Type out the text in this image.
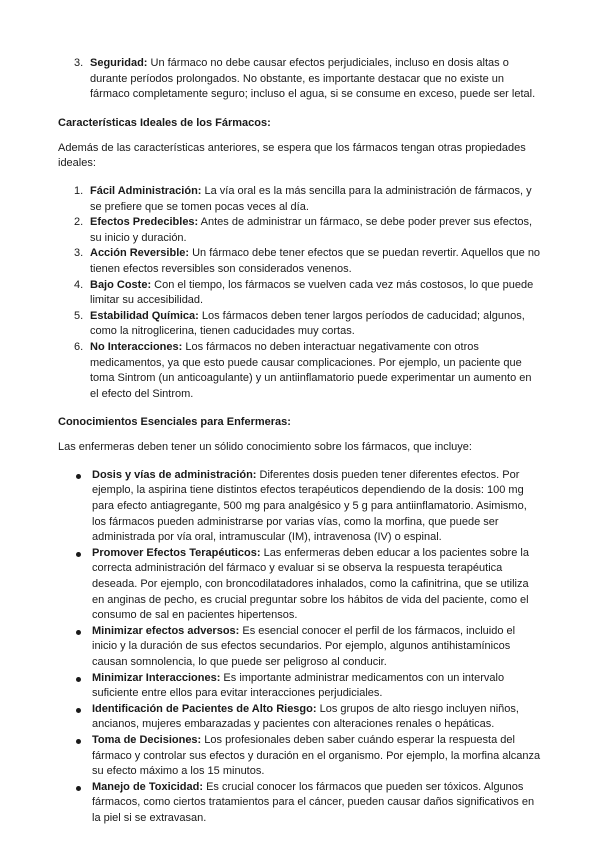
3. Seguridad: Un fármaco no debe causar efectos perjudiciales, incluso en dosis altas o durante períodos prolongados. No obstante, es importante destacar que no existe un fármaco completamente seguro; incluso el agua, si se consume en exceso, puede ser letal.

Características Ideales de los Fármacos:

Además de las características anteriores, se espera que los fármacos tengan otras propiedades ideales:

1. Fácil Administración: La vía oral es la más sencilla para la administración de fármacos, y se prefiere que se tomen pocas veces al día.
2. Efectos Predecibles: Antes de administrar un fármaco, se debe poder prever sus efectos, su inicio y duración.
3. Acción Reversible: Un fármaco debe tener efectos que se puedan revertir. Aquellos que no tienen efectos reversibles son considerados venenos.
4. Bajo Coste: Con el tiempo, los fármacos se vuelven cada vez más costosos, lo que puede limitar su accesibilidad.
5. Estabilidad Química: Los fármacos deben tener largos períodos de caducidad; algunos, como la nitroglicerina, tienen caducidades muy cortas.
6. No Interacciones: Los fármacos no deben interactuar negativamente con otros medicamentos, ya que esto puede causar complicaciones. Por ejemplo, un paciente que toma Sintrom (un anticoagulante) y un antiinflamatorio puede experimentar un aumento en el efecto del Sintrom.

Conocimientos Esenciales para Enfermeras:

Las enfermeras deben tener un sólido conocimiento sobre los fármacos, que incluye:

Dosis y vías de administración: Diferentes dosis pueden tener diferentes efectos. Por ejemplo, la aspirina tiene distintos efectos terapéuticos dependiendo de la dosis: 100 mg para efecto antiagregante, 500 mg para analgésico y 5 g para antiinflamatorio. Asimismo, los fármacos pueden administrarse por varias vías, como la morfina, que puede ser administrada por vía oral, intramuscular (IM), intravenosa (IV) o espinal.
Promover Efectos Terapéuticos: Las enfermeras deben educar a los pacientes sobre la correcta administración del fármaco y evaluar si se observa la respuesta terapéutica deseada. Por ejemplo, con broncodilatadores inhalados, como la cafinitrina, que se utiliza en anginas de pecho, es crucial preguntar sobre los hábitos de vida del paciente, como el consumo de sal en pacientes hipertensos.
Minimizar efectos adversos: Es esencial conocer el perfil de los fármacos, incluido el inicio y la duración de sus efectos secundarios. Por ejemplo, algunos antihistamínicos causan somnolencia, lo que puede ser peligroso al conducir.
Minimizar Interacciones: Es importante administrar medicamentos con un intervalo suficiente entre ellos para evitar interacciones perjudiciales.
Identificación de Pacientes de Alto Riesgo: Los grupos de alto riesgo incluyen niños, ancianos, mujeres embarazadas y pacientes con alteraciones renales o hepáticas.
Toma de Decisiones: Los profesionales deben saber cuándo esperar la respuesta del fármaco y controlar sus efectos y duración en el organismo. Por ejemplo, la morfina alcanza su efecto máximo a los 15 minutos.
Manejo de Toxicidad: Es crucial conocer los fármacos que pueden ser tóxicos. Algunos fármacos, como ciertos tratamientos para el cáncer, pueden causar daños significativos en la piel si se extravasan.
